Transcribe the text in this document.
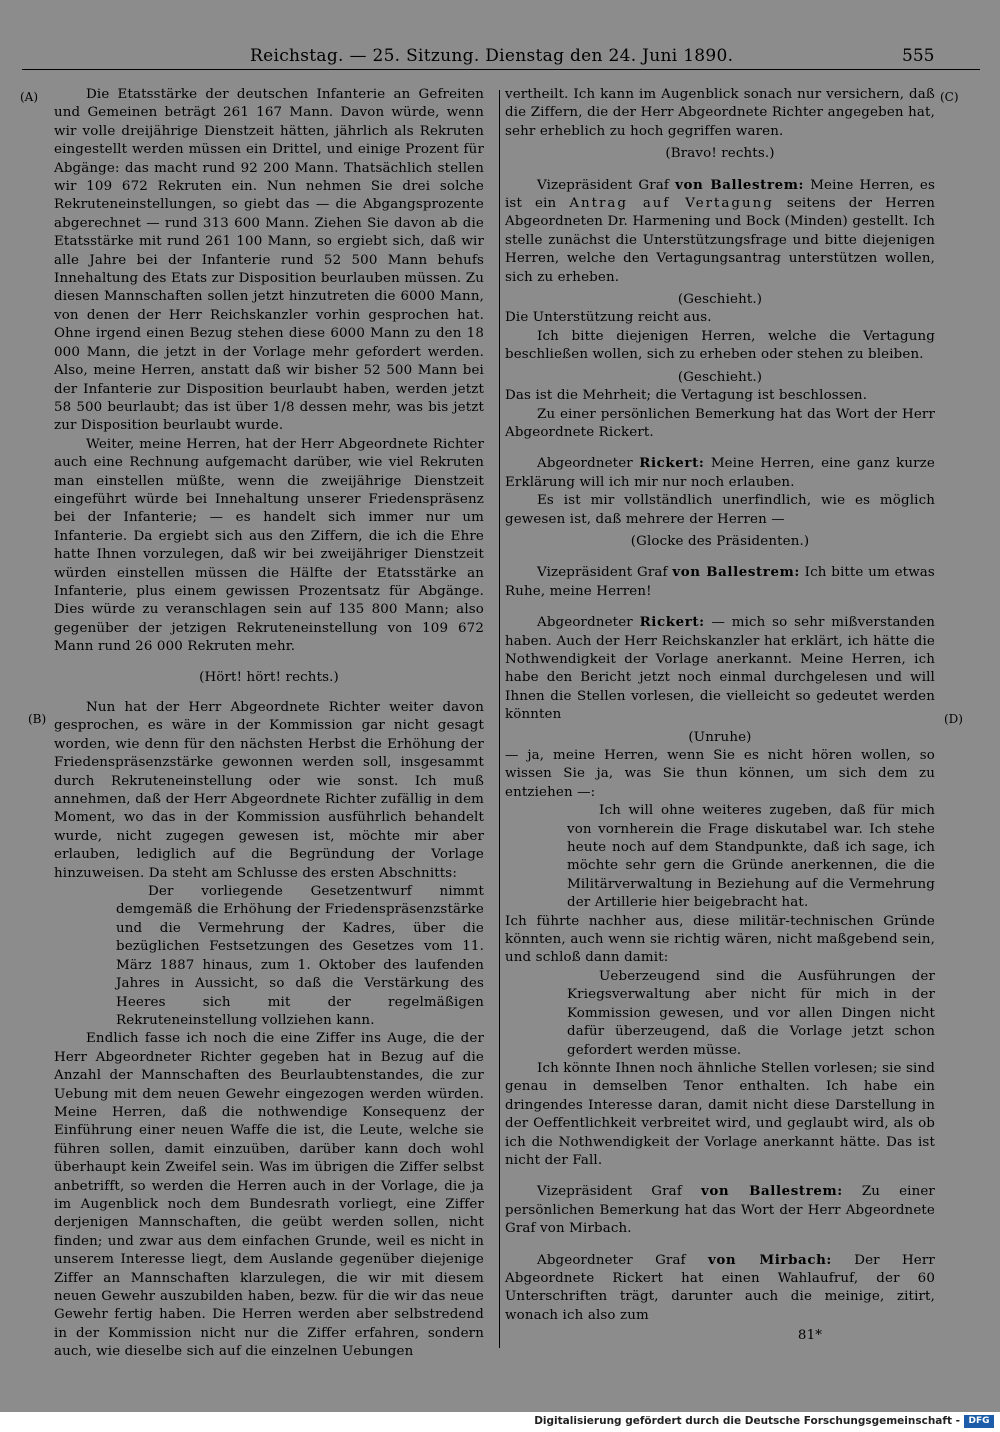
Reichstag. — 25. Sitzung. Dienstag den 24. Juni 1890.	555
(A)
(B)
(C)
(D)

Die Etatsstärke der deutschen Infanterie an Gefreiten und Gemeinen beträgt 261 167 Mann. Davon würde, wenn wir volle dreijährige Dienstzeit hätten, jährlich als Rekruten eingestellt werden müssen ein Drittel, und einige Prozent für Abgänge: das macht rund 92 200 Mann. Thatsächlich stellen wir 109 672 Rekruten ein. Nun nehmen Sie drei solche Rekruteneinstellungen, so giebt das — die Abgangsprozente abgerechnet — rund 313 600 Mann. Ziehen Sie davon ab die Etatsstärke mit rund 261 100 Mann, so ergiebt sich, daß wir alle Jahre bei der Infanterie rund 52 500 Mann behufs Innehaltung des Etats zur Disposition beurlauben müssen. Zu diesen Mannschaften sollen jetzt hinzutreten die 6000 Mann, von denen der Herr Reichskanzler vorhin gesprochen hat. Ohne irgend einen Bezug stehen diese 6000 Mann zu den 18 000 Mann, die jetzt in der Vorlage mehr gefordert werden. Also, meine Herren, anstatt daß wir bisher 52 500 Mann bei der Infanterie zur Disposition beurlaubt haben, werden jetzt 58 500 beurlaubt; das ist über 1/8 dessen mehr, was bis jetzt zur Disposition beurlaubt wurde.

Weiter, meine Herren, hat der Herr Abgeordnete Richter auch eine Rechnung aufgemacht darüber, wie viel Rekruten man einstellen müßte, wenn die zweijährige Dienstzeit eingeführt würde bei Innehaltung unserer Friedenspräsenz bei der Infanterie; — es handelt sich immer nur um Infanterie. Da ergiebt sich aus den Ziffern, die ich die Ehre hatte Ihnen vorzulegen, daß wir bei zweijähriger Dienstzeit würden einstellen müssen die Hälfte der Etatsstärke an Infanterie, plus einem gewissen Prozentsatz für Abgänge. Dies würde zu veranschlagen sein auf 135 800 Mann; also gegenüber der jetzigen Rekruteneinstellung von 109 672 Mann rund 26 000 Rekruten mehr.

(Hört! hört! rechts.)

Nun hat der Herr Abgeordnete Richter weiter davon gesprochen, es wäre in der Kommission gar nicht gesagt worden, wie denn für den nächsten Herbst die Erhöhung der Friedenspräsenzstärke gewonnen werden soll, insgesammt durch Rekruteneinstellung oder wie sonst. Ich muß annehmen, daß der Herr Abgeordnete Richter zufällig in dem Moment, wo das in der Kommission ausführlich behandelt wurde, nicht zugegen gewesen ist, möchte mir aber erlauben, lediglich auf die Begründung der Vorlage hinzuweisen. Da steht am Schlusse des ersten Abschnitts:

Der vorliegende Gesetzentwurf nimmt demgemäß die Erhöhung der Friedenspräsenzstärke und die Vermehrung der Kadres, über die bezüglichen Festsetzungen des Gesetzes vom 11. März 1887 hinaus, zum 1. Oktober des laufenden Jahres in Aussicht, so daß die Verstärkung des Heeres sich mit der regelmäßigen Rekruteneinstellung vollziehen kann.

Endlich fasse ich noch die eine Ziffer ins Auge, die der Herr Abgeordneter Richter gegeben hat in Bezug auf die Anzahl der Mannschaften des Beurlaubtenstandes, die zur Uebung mit dem neuen Gewehr eingezogen werden würden. Meine Herren, daß die nothwendige Konsequenz der Einführung einer neuen Waffe die ist, die Leute, welche sie führen sollen, damit einzuüben, darüber kann doch wohl überhaupt kein Zweifel sein. Was im übrigen die Ziffer selbst anbetrifft, so werden die Herren auch in der Vorlage, die ja im Augenblick noch dem Bundesrath vorliegt, eine Ziffer derjenigen Mannschaften, die geübt werden sollen, nicht finden; und zwar aus dem einfachen Grunde, weil es nicht in unserem Interesse liegt, dem Auslande gegenüber diejenige Ziffer an Mannschaften klarzulegen, die wir mit diesem neuen Gewehr auszubilden haben, bezw. für die wir das neue Gewehr fertig haben. Die Herren werden aber selbstredend in der Kommission nicht nur die Ziffer erfahren, sondern auch, wie dieselbe sich auf die einzelnen Uebungen

vertheilt. Ich kann im Augenblick sonach nur versichern, daß die Ziffern, die der Herr Abgeordnete Richter angegeben hat, sehr erheblich zu hoch gegriffen waren.

(Bravo! rechts.)

Vizepräsident Graf von Ballestrem: Meine Herren, es ist ein Antrag auf Vertagung seitens der Herren Abgeordneten Dr. Harmening und Bock (Minden) gestellt. Ich stelle zunächst die Unterstützungsfrage und bitte diejenigen Herren, welche den Vertagungsantrag unterstützen wollen, sich zu erheben.

(Geschieht.)

Die Unterstützung reicht aus.

Ich bitte diejenigen Herren, welche die Vertagung beschließen wollen, sich zu erheben oder stehen zu bleiben.

(Geschieht.)

Das ist die Mehrheit; die Vertagung ist beschlossen.

Zu einer persönlichen Bemerkung hat das Wort der Herr Abgeordnete Rickert.

Abgeordneter Rickert: Meine Herren, eine ganz kurze Erklärung will ich mir nur noch erlauben.

Es ist mir vollständlich unerfindlich, wie es möglich gewesen ist, daß mehrere der Herren —

(Glocke des Präsidenten.)

Vizepräsident Graf von Ballestrem: Ich bitte um etwas Ruhe, meine Herren!

Abgeordneter Rickert: — mich so sehr mißverstanden haben. Auch der Herr Reichskanzler hat erklärt, ich hätte die Nothwendigkeit der Vorlage anerkannt. Meine Herren, ich habe den Bericht jetzt noch einmal durchgelesen und will Ihnen die Stellen vorlesen, die vielleicht so gedeutet werden könnten

(Unruhe)

— ja, meine Herren, wenn Sie es nicht hören wollen, so wissen Sie ja, was Sie thun können, um sich dem zu entziehen —:

Ich will ohne weiteres zugeben, daß für mich von vornherein die Frage diskutabel war. Ich stehe heute noch auf dem Standpunkte, daß ich sage, ich möchte sehr gern die Gründe anerkennen, die die Militärverwaltung in Beziehung auf die Vermehrung der Artillerie hier beigebracht hat.

Ich führte nachher aus, diese militär-technischen Gründe könnten, auch wenn sie richtig wären, nicht maßgebend sein, und schloß dann damit:

Ueberzeugend sind die Ausführungen der Kriegsverwaltung aber nicht für mich in der Kommission gewesen, und vor allen Dingen nicht dafür überzeugend, daß die Vorlage jetzt schon gefordert werden müsse.

Ich könnte Ihnen noch ähnliche Stellen vorlesen; sie sind genau in demselben Tenor enthalten. Ich habe ein dringendes Interesse daran, damit nicht diese Darstellung in der Oeffentlichkeit verbreitet wird, und geglaubt wird, als ob ich die Nothwendigkeit der Vorlage anerkannt hätte. Das ist nicht der Fall.

Vizepräsident Graf von Ballestrem: Zu einer persönlichen Bemerkung hat das Wort der Herr Abgeordnete Graf von Mirbach.

Abgeordneter Graf von Mirbach: Der Herr Abgeordnete Rickert hat einen Wahlaufruf, der 60 Unterschriften trägt, darunter auch die meinige, zitirt, wonach ich also zum

81*

Digitalisierung gefördert durch die Deutsche Forschungsgemeinschaft - DFG
